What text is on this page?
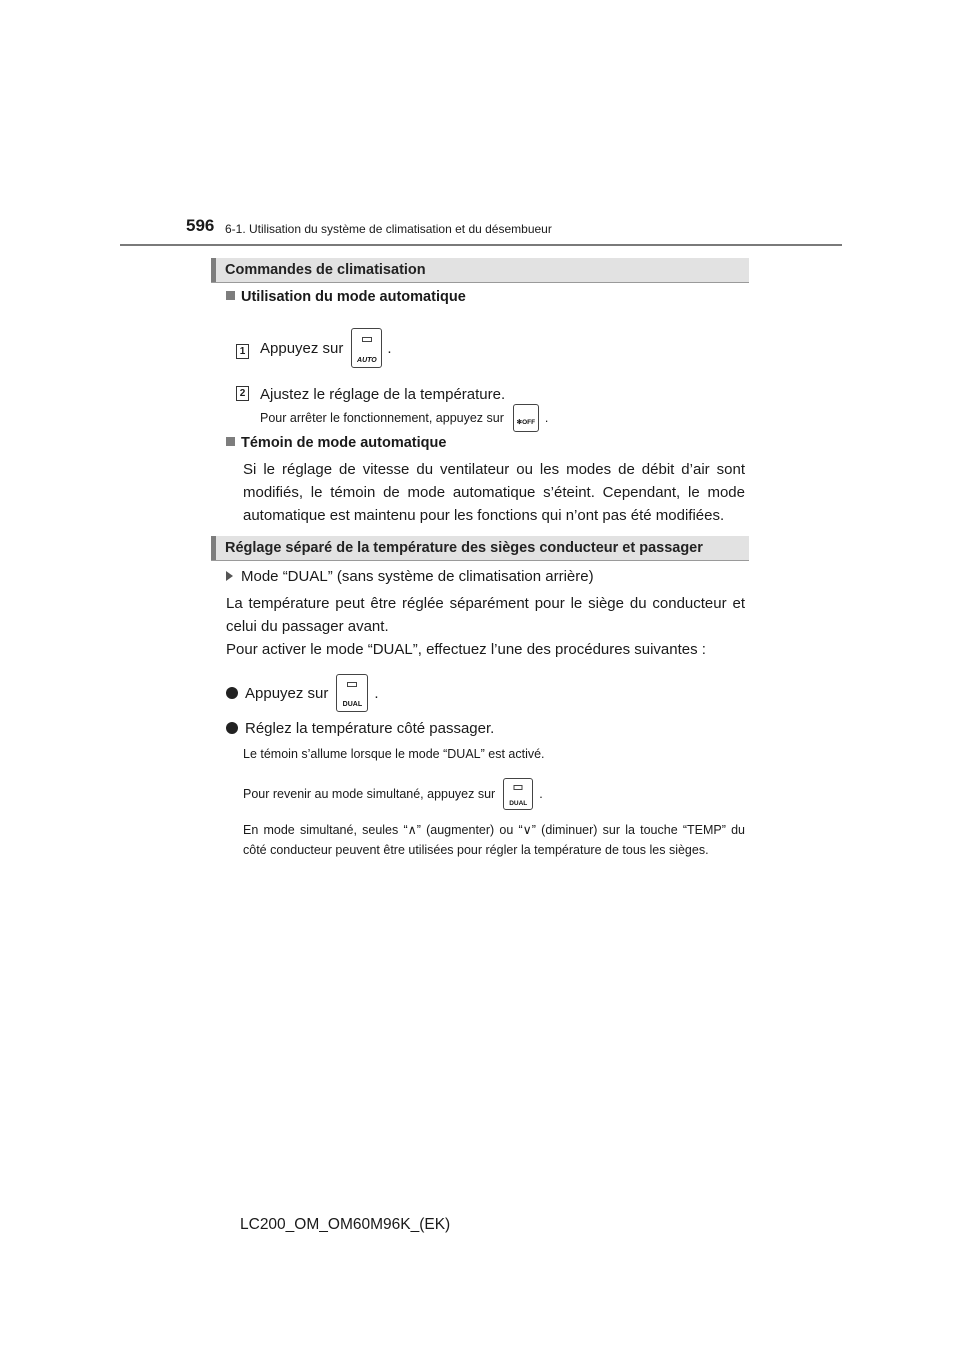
596 6-1. Utilisation du système de climatisation et du désembueur
Commandes de climatisation
Utilisation du mode automatique
1 Appuyez sur
AUTO
.
2 Ajustez le réglage de la température.
Pour arrêter le fonctionnement, appuyez sur	✻OFF .
Témoin de mode automatique
Si le réglage de vitesse du ventilateur ou les modes de débit d’air sont modifiés, le témoin de mode automatique s’éteint. Cependant, le mode automatique est maintenu pour les fonctions qui n’ont pas été modifiées.
Réglage séparé de la température des sièges conducteur et passager
Mode “DUAL” (sans système de climatisation arrière)
La température peut être réglée séparément pour le siège du conducteur et celui du passager avant.
Pour activer le mode “DUAL”, effectuez l’une des procédures suivantes :
Appuyez sur
DUAL
.
Réglez la température côté passager.
Le témoin s’allume lorsque le mode “DUAL” est activé.
Pour revenir au mode simultané, appuyez sur
DUAL
.
En mode simultané, seules “∧” (augmenter) ou “∨” (diminuer) sur la touche “TEMP” du côté conducteur peuvent être utilisées pour régler la température de tous les sièges.
LC200_OM_OM60M96K_(EK)
